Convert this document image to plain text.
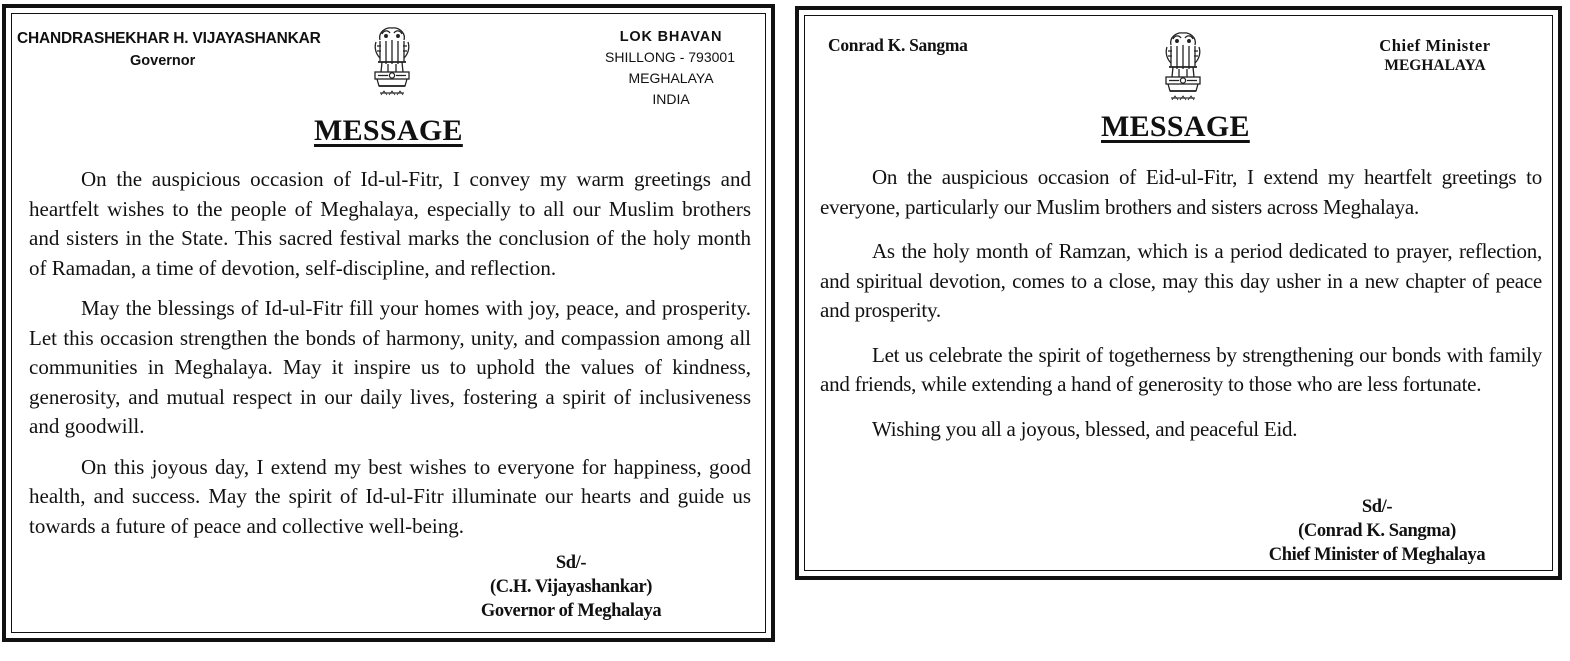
CHANDRASHEKHAR H. VIJAYASHANKAR
Governor
LOK BHAVAN
SHILLONG - 793001
MEGHALAYA
INDIA
MESSAGE

On the auspicious occasion of Id-ul-Fitr, I convey my warm greetings and heartfelt wishes to the people of Meghalaya, especially to all our Muslim brothers and sisters in the State. This sacred festival marks the conclusion of the holy month of Ramadan, a time of devotion, self-discipline, and reflection.

May the blessings of Id-ul-Fitr fill your homes with joy, peace, and prosperity. Let this occasion strengthen the bonds of harmony, unity, and compassion among all communities in Meghalaya. May it inspire us to uphold the values of kindness, generosity, and mutual respect in our daily lives, fostering a spirit of inclusiveness and goodwill.

On this joyous day, I extend my best wishes to everyone for happiness, good health, and success. May the spirit of Id-ul-Fitr illuminate our hearts and guide us towards a future of peace and collective well-being.

Sd/-
(C.H. Vijayashankar)
Governor of Meghalaya
Conrad K. Sangma	Chief Minister
MEGHALAYA
MESSAGE

On the auspicious occasion of Eid-ul-Fitr, I extend my heartfelt greetings to everyone, particularly our Muslim brothers and sisters across Meghalaya.

As the holy month of Ramzan, which is a period dedicated to prayer, reflection, and spiritual devotion, comes to a close, may this day usher in a new chapter of peace and prosperity.

Let us celebrate the spirit of togetherness by strengthening our bonds with family and friends, while extending a hand of generosity to those who are less fortunate.

Wishing you all a joyous, blessed, and peaceful Eid.

Sd/-
(Conrad K. Sangma)
Chief Minister of Meghalaya
